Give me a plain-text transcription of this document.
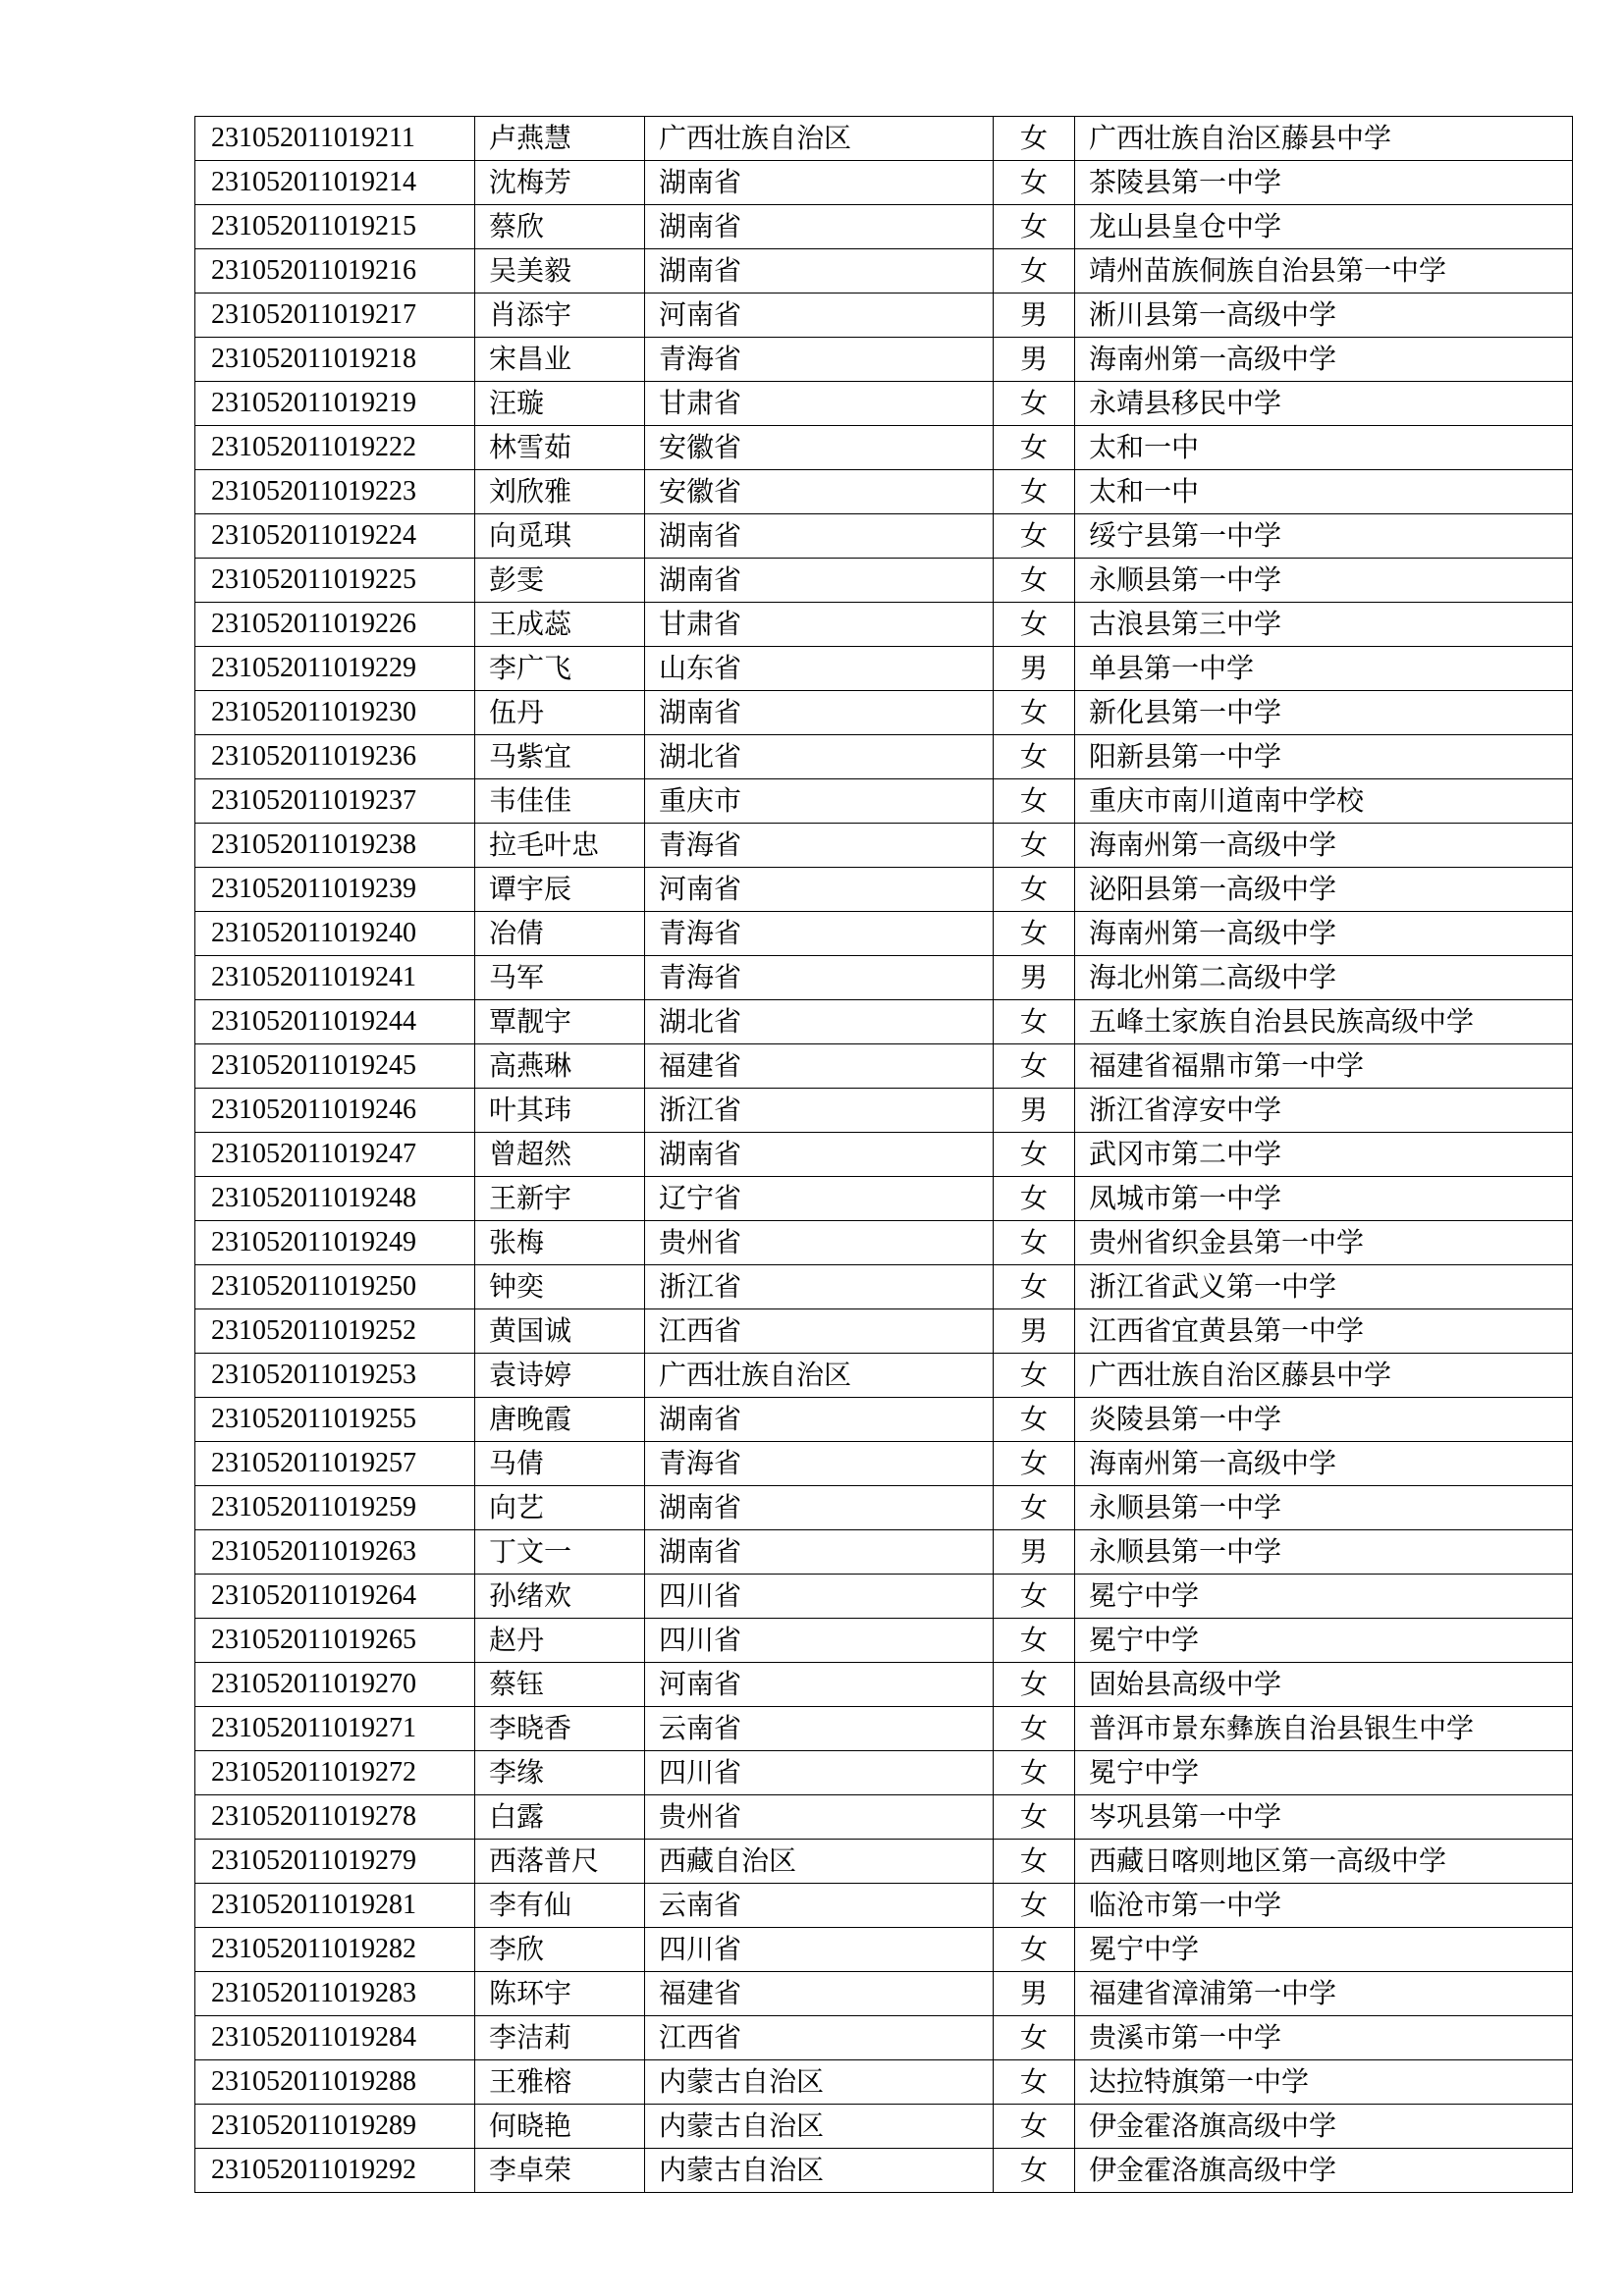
231052011019211	卢燕慧	广西壮族自治区	女	广西壮族自治区藤县中学
231052011019214	沈梅芳	湖南省	女	茶陵县第一中学
231052011019215	蔡欣	湖南省	女	龙山县皇仓中学
231052011019216	吴美毅	湖南省	女	靖州苗族侗族自治县第一中学
231052011019217	肖添宇	河南省	男	淅川县第一高级中学
231052011019218	宋昌业	青海省	男	海南州第一高级中学
231052011019219	汪璇	甘肃省	女	永靖县移民中学
231052011019222	林雪茹	安徽省	女	太和一中
231052011019223	刘欣雅	安徽省	女	太和一中
231052011019224	向觅琪	湖南省	女	绥宁县第一中学
231052011019225	彭雯	湖南省	女	永顺县第一中学
231052011019226	王成蕊	甘肃省	女	古浪县第三中学
231052011019229	李广飞	山东省	男	单县第一中学
231052011019230	伍丹	湖南省	女	新化县第一中学
231052011019236	马紫宜	湖北省	女	阳新县第一中学
231052011019237	韦佳佳	重庆市	女	重庆市南川道南中学校
231052011019238	拉毛叶忠	青海省	女	海南州第一高级中学
231052011019239	谭宇辰	河南省	女	泌阳县第一高级中学
231052011019240	冶倩	青海省	女	海南州第一高级中学
231052011019241	马军	青海省	男	海北州第二高级中学
231052011019244	覃靓宇	湖北省	女	五峰土家族自治县民族高级中学
231052011019245	高燕琳	福建省	女	福建省福鼎市第一中学
231052011019246	叶其玮	浙江省	男	浙江省淳安中学
231052011019247	曾超然	湖南省	女	武冈市第二中学
231052011019248	王新宇	辽宁省	女	凤城市第一中学
231052011019249	张梅	贵州省	女	贵州省织金县第一中学
231052011019250	钟奕	浙江省	女	浙江省武义第一中学
231052011019252	黄国诚	江西省	男	江西省宜黄县第一中学
231052011019253	袁诗婷	广西壮族自治区	女	广西壮族自治区藤县中学
231052011019255	唐晚霞	湖南省	女	炎陵县第一中学
231052011019257	马倩	青海省	女	海南州第一高级中学
231052011019259	向艺	湖南省	女	永顺县第一中学
231052011019263	丁文一	湖南省	男	永顺县第一中学
231052011019264	孙绪欢	四川省	女	冕宁中学
231052011019265	赵丹	四川省	女	冕宁中学
231052011019270	蔡钰	河南省	女	固始县高级中学
231052011019271	李晓香	云南省	女	普洱市景东彝族自治县银生中学
231052011019272	李缘	四川省	女	冕宁中学
231052011019278	白露	贵州省	女	岑巩县第一中学
231052011019279	西落普尺	西藏自治区	女	西藏日喀则地区第一高级中学
231052011019281	李有仙	云南省	女	临沧市第一中学
231052011019282	李欣	四川省	女	冕宁中学
231052011019283	陈环宇	福建省	男	福建省漳浦第一中学
231052011019284	李洁莉	江西省	女	贵溪市第一中学
231052011019288	王雅榕	内蒙古自治区	女	达拉特旗第一中学
231052011019289	何晓艳	内蒙古自治区	女	伊金霍洛旗高级中学
231052011019292	李卓荣	内蒙古自治区	女	伊金霍洛旗高级中学
